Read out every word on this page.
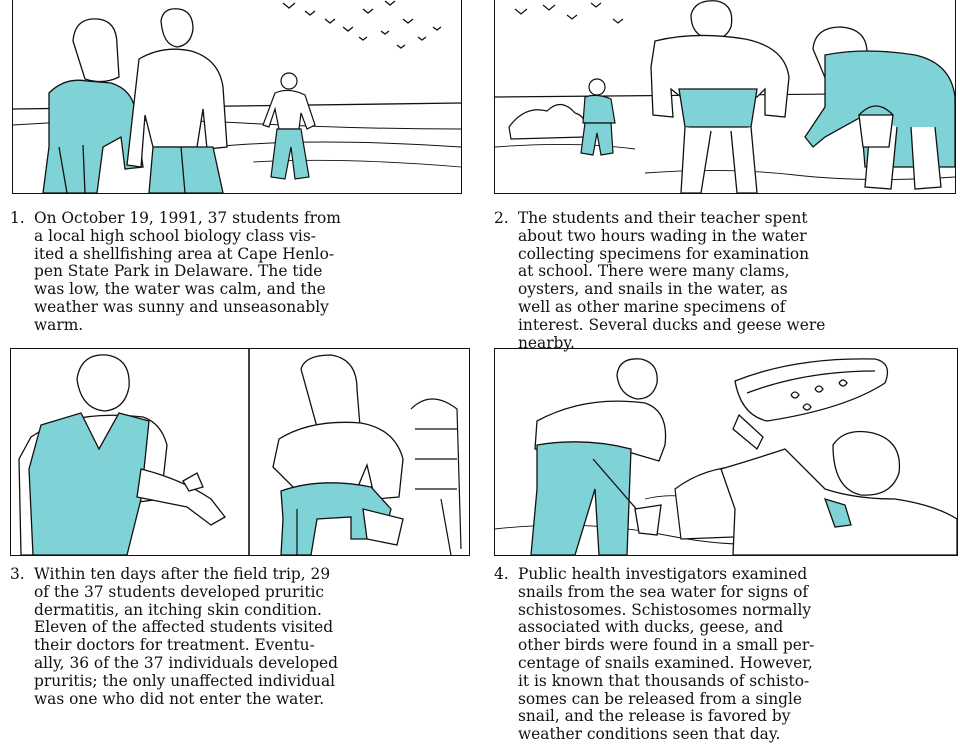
1. On October 19, 1991, 37 students from
a local high school biology class vis-
ited a shellfishing area at Cape Henlo-
pen State Park in Delaware. The tide
was low, the water was calm, and the
weather was sunny and unseasonably
warm.
2. The students and their teacher spent
about two hours wading in the water
collecting specimens for examination
at school. There were many clams,
oysters, and snails in the water, as
well as other marine specimens of
interest. Several ducks and geese were
nearby.
3. Within ten days after the field trip, 29
of the 37 students developed pruritic
dermatitis, an itching skin condition.
Eleven of the affected students visited
their doctors for treatment. Eventu-
ally, 36 of the 37 individuals developed
pruritis; the only unaffected individual
was one who did not enter the water.
4. Public health investigators examined
snails from the sea water for signs of
schistosomes. Schistosomes normally
associated with ducks, geese, and
other birds were found in a small per-
centage of snails examined. However,
it is known that thousands of schisto-
somes can be released from a single
snail, and the release is favored by
weather conditions seen that day.
